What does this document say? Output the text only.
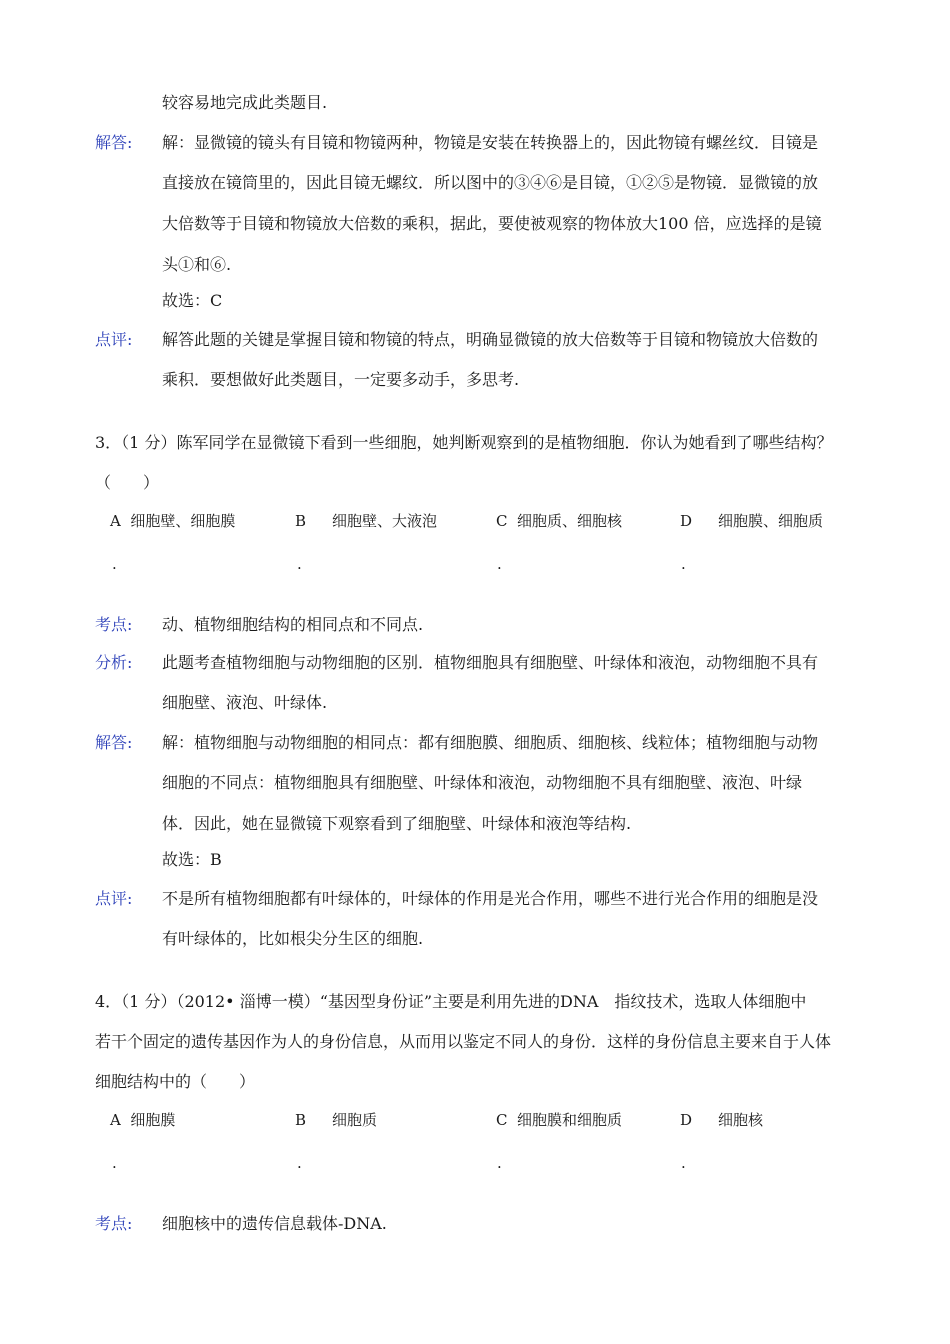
较容易地完成此类题目.
解答: 解：显微镜的镜头有目镜和物镜两种，物镜是安装在转换器上的，因此物镜有螺丝纹．目镜是
直接放在镜筒里的，因此目镜无螺纹．所以图中的③④⑥是目镜，①②⑤是物镜．显微镜的放
大倍数等于目镜和物镜放大倍数的乘积，据此，要使被观察的物体放大100 倍，应选择的是镜
头①和⑥.
故选：C
点评: 解答此题的关键是掌握目镜和物镜的特点，明确显微镜的放大倍数等于目镜和物镜放大倍数的
乘积．要想做好此类题目，一定要多动手，多思考.
3．（1 分）陈军同学在显微镜下看到一些细胞，她判断观察到的是植物细胞．你认为她看到了哪些结构？
（　　）
A 细胞壁、细胞膜	B 细胞壁、大液泡	C 细胞质、细胞核	D 细胞膜、细胞质
.	.	.	.
考点: 动、植物细胞结构的相同点和不同点.
分析: 此题考查植物细胞与动物细胞的区别．植物细胞具有细胞壁、叶绿体和液泡，动物细胞不具有
细胞壁、液泡、叶绿体.
解答: 解：植物细胞与动物细胞的相同点：都有细胞膜、细胞质、细胞核、线粒体；植物细胞与动物
细胞的不同点：植物细胞具有细胞壁、叶绿体和液泡，动物细胞不具有细胞壁、液泡、叶绿
体．因此，她在显微镜下观察看到了细胞壁、叶绿体和液泡等结构.
故选：B
点评: 不是所有植物细胞都有叶绿体的，叶绿体的作用是光合作用，哪些不进行光合作用的细胞是没
有叶绿体的，比如根尖分生区的细胞.
4．（1 分）（2012• 淄博一模）“基因型身份证”主要是利用先进的DNA　指纹技术，选取人体细胞中
若干个固定的遗传基因作为人的身份信息，从而用以鉴定不同人的身份．这样的身份信息主要来自于人体
细胞结构中的（　　）
A 细胞膜	B 细胞质	C 细胞膜和细胞质	D 细胞核
.	.	.	.
考点: 细胞核中的遗传信息载体-DNA.
